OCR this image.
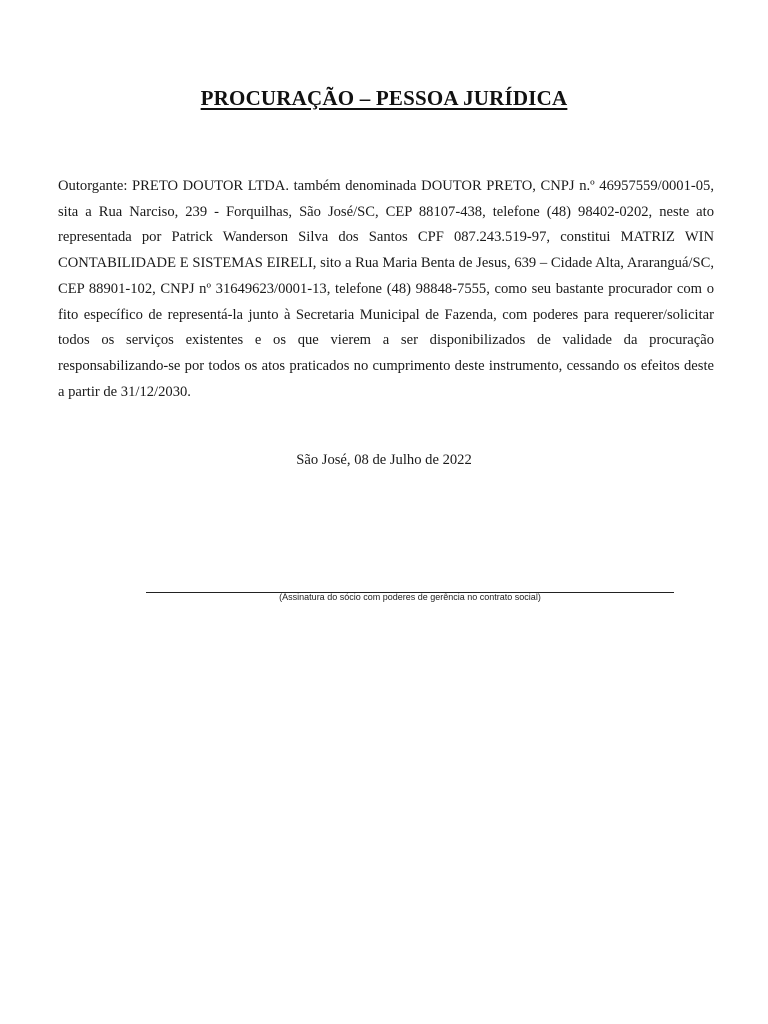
PROCURAÇÃO – PESSOA JURÍDICA

Outorgante: PRETO DOUTOR LTDA. também denominada DOUTOR PRETO, CNPJ n.º 46957559/0001-05, sita a Rua Narciso, 239 - Forquilhas, São José/SC, CEP 88107-438, telefone (48) 98402-0202, neste ato representada por Patrick Wanderson Silva dos Santos CPF 087.243.519-97, constitui MATRIZ WIN CONTABILIDADE E SISTEMAS EIRELI, sito a Rua Maria Benta de Jesus, 639 – Cidade Alta, Araranguá/SC, CEP 88901-102, CNPJ nº 31649623/0001-13, telefone (48) 98848-7555, como seu bastante procurador com o fito específico de representá-la junto à Secretaria Municipal de Fazenda, com poderes para requerer/solicitar todos os serviços existentes e os que vierem a ser disponibilizados de validade da procuração responsabilizando-se por todos os atos praticados no cumprimento deste instrumento, cessando os efeitos deste a partir de 31/12/2030.

São José, 08 de Julho de 2022

(Assinatura do sócio com poderes de gerência no contrato social)
